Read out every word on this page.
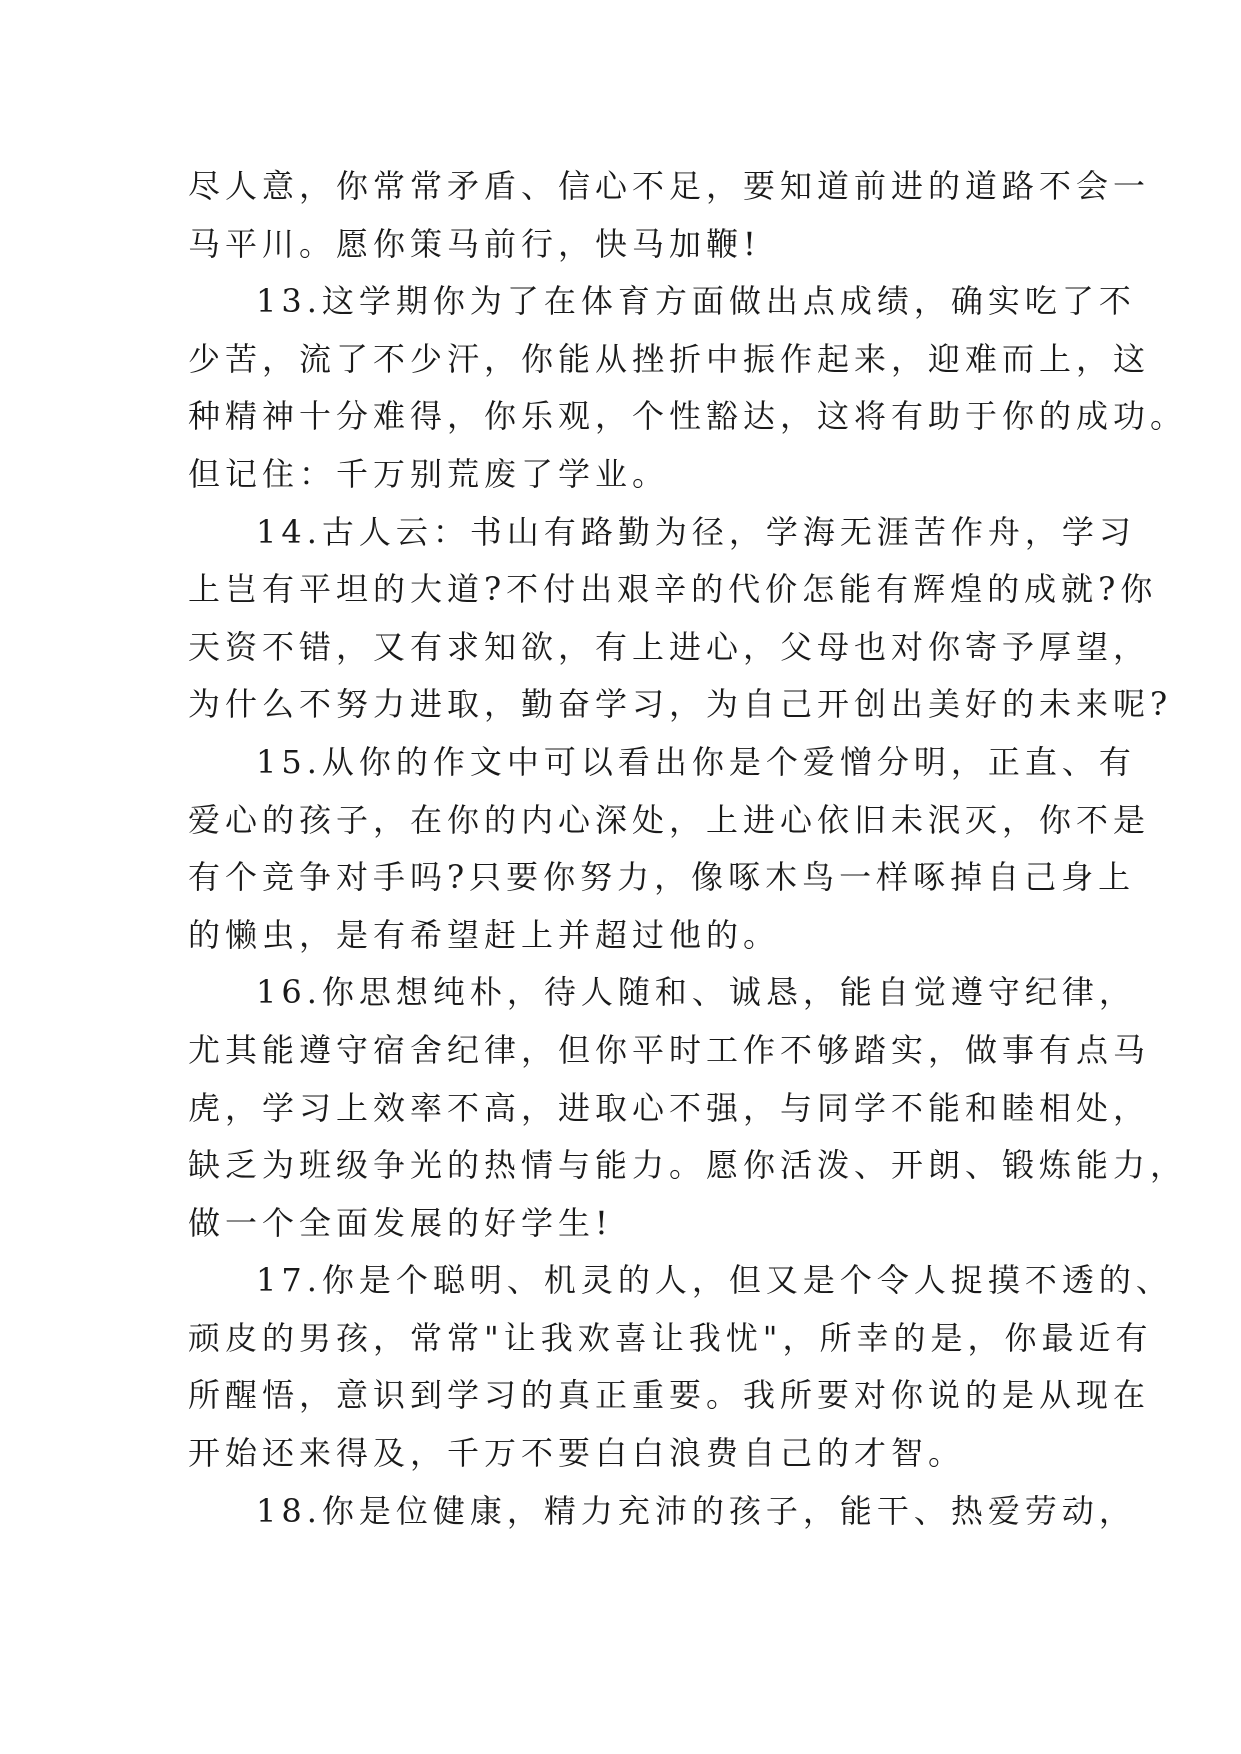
尽人意，你常常矛盾、信心不足，要知道前进的道路不会一
马平川。愿你策马前行，快马加鞭!
13.这学期你为了在体育方面做出点成绩，确实吃了不
少苦，流了不少汗，你能从挫折中振作起来，迎难而上，这
种精神十分难得，你乐观，个性豁达，这将有助于你的成功。
但记住：千万别荒废了学业。
14.古人云：书山有路勤为径，学海无涯苦作舟，学习
上岂有平坦的大道?不付出艰辛的代价怎能有辉煌的成就?你
天资不错，又有求知欲，有上进心，父母也对你寄予厚望，
为什么不努力进取，勤奋学习，为自己开创出美好的未来呢?
15.从你的作文中可以看出你是个爱憎分明，正直、有
爱心的孩子，在你的内心深处，上进心依旧未泯灭，你不是
有个竞争对手吗?只要你努力，像啄木鸟一样啄掉自己身上
的懒虫，是有希望赶上并超过他的。
16.你思想纯朴，待人随和、诚恳，能自觉遵守纪律，
尤其能遵守宿舍纪律，但你平时工作不够踏实，做事有点马
虎，学习上效率不高，进取心不强，与同学不能和睦相处，
缺乏为班级争光的热情与能力。愿你活泼、开朗、锻炼能力，
做一个全面发展的好学生!
17.你是个聪明、机灵的人，但又是个令人捉摸不透的、
顽皮的男孩，常常"让我欢喜让我忧"，所幸的是，你最近有
所醒悟，意识到学习的真正重要。我所要对你说的是从现在
开始还来得及，千万不要白白浪费自己的才智。
18.你是位健康，精力充沛的孩子，能干、热爱劳动，
